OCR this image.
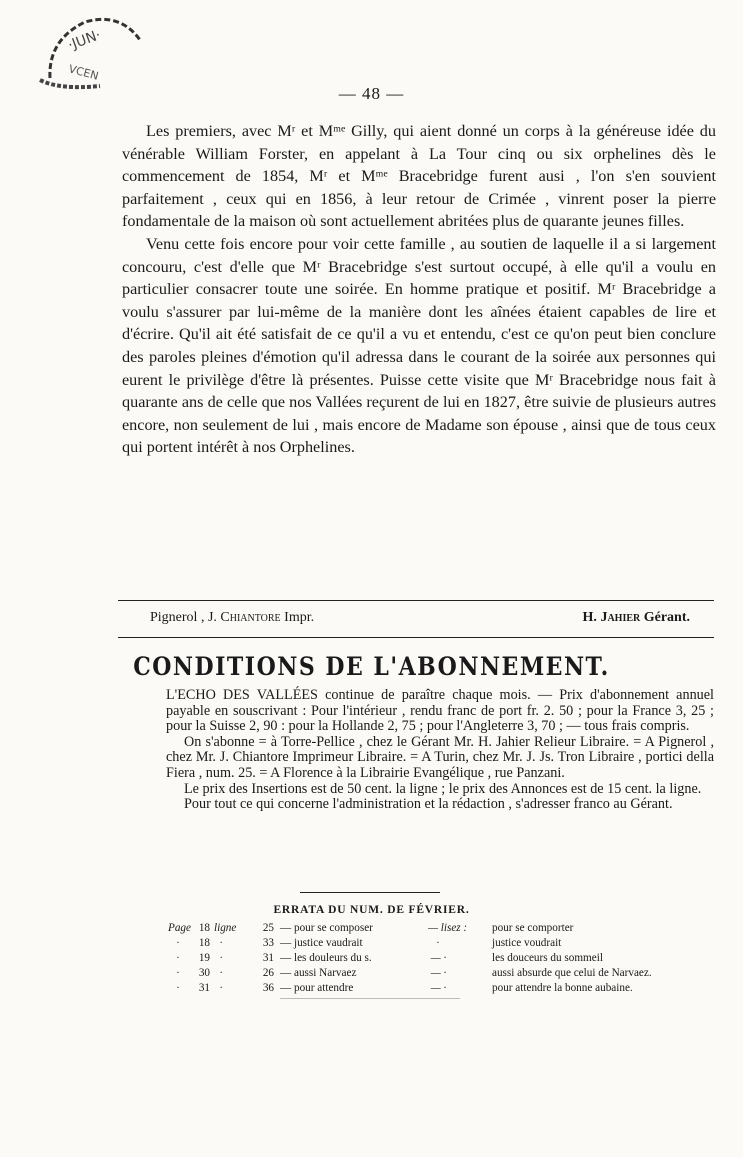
·JUN·
VCEN
— 48 —

Les premiers, avec Mʳ et Mᵐᵉ Gilly, qui aient donné un corps à la généreuse idée du vénérable William Forster, en appelant à La Tour cinq ou six orphelines dès le commencement de 1854, Mʳ et Mᵐᵉ Bracebridge furent ausi , l'on s'en souvient parfaitement , ceux qui en 1856, à leur retour de Crimée , vinrent poser la pierre fondamentale de la maison où sont actuellement abritées plus de quarante jeunes filles.

Venu cette fois encore pour voir cette famille , au soutien de laquelle il a si largement concouru, c'est d'elle que Mʳ Bracebridge s'est surtout occupé, à elle qu'il a voulu en particulier consacrer toute une soirée. En homme pratique et positif. Mʳ Bracebridge a voulu s'assurer par lui-même de la manière dont les aînées étaient capables de lire et d'écrire. Qu'il ait été satisfait de ce qu'il a vu et entendu, c'est ce qu'on peut bien conclure des paroles pleines d'émotion qu'il adressa dans le courant de la soirée aux personnes qui eurent le privilège d'être là présentes. Puisse cette visite que Mʳ Bracebridge nous fait à quarante ans de celle que nos Vallées reçurent de lui en 1827, être suivie de plusieurs autres encore, non seulement de lui , mais encore de Madame son épouse , ainsi que de tous ceux qui portent intérêt à nos Orphelines.

Pignerol , J. Chiantore Impr.	H. Jahier Gérant.
CONDITIONS DE L'ABONNEMENT.

L'ECHO DES VALLÉES continue de paraître chaque mois. — Prix d'abonnement annuel payable en souscrivant : Pour l'intérieur , rendu franc de port fr. 2. 50 ; pour la France 3, 25 ; pour la Suisse 2, 90 : pour la Hollande 2, 75 ; pour l'Angleterre 3, 70 ; — tous frais compris.

On s'abonne = à Torre-Pellice , chez le Gérant Mr. H. Jahier Relieur Libraire. = A Pignerol , chez Mr. J. Chiantore Imprimeur Libraire. = A Turin, chez Mr. J. Js. Tron Libraire , portici della Fiera , num. 25. = A Florence à la Librairie Evangélique , rue Panzani.

Le prix des Insertions est de 50 cent. la ligne ; le prix des Annonces est de 15 cent. la ligne.

Pour tout ce qui concerne l'administration et la rédaction , s'adresser franco au Gérant.

ERRATA DU NUM. DE FÉVRIER.
Page 18 ligne	25 — pour se composer	— lisez : pour se comporter
·	18 ·	33 — justice vaudrait	·	justice voudrait
·	19 ·	31 — les douleurs du s.	— ·	les douceurs du sommeil
·	30 ·	26 — aussi Narvaez	— ·	aussi absurde que celui de Narvaez.
·	31 ·	36 — pour attendre	— ·	pour attendre la bonne aubaine.
